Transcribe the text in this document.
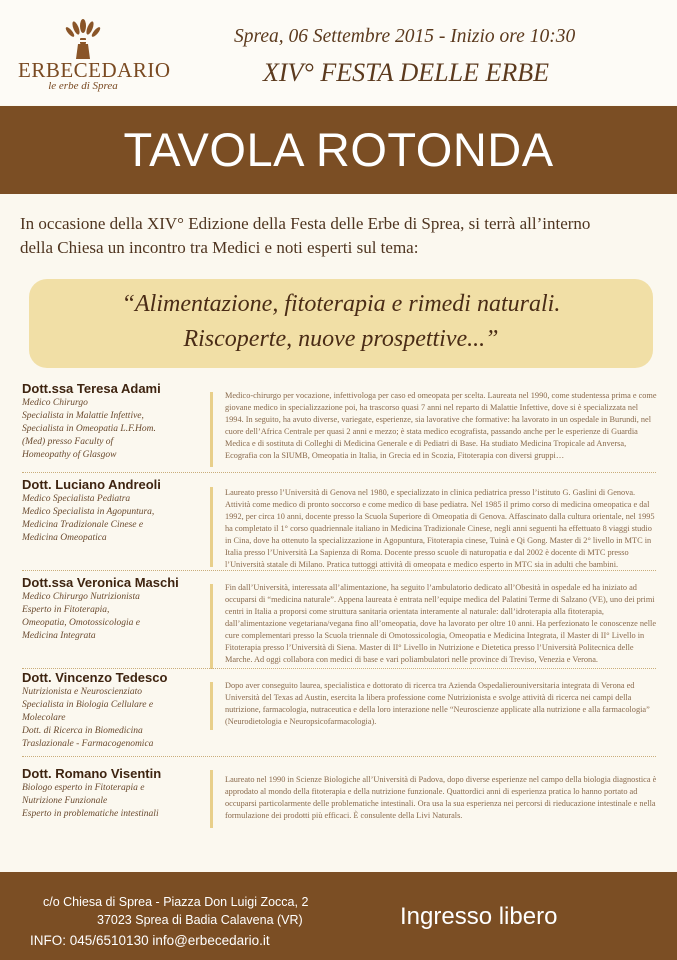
ERBECEDARIO
le erbe di Sprea
Sprea, 06 Settembre 2015 - Inizio ore 10:30
XIV° FESTA DELLE ERBE
TAVOLA ROTONDA
In occasione della XIV° Edizione della Festa delle Erbe di Sprea, si terrà all’interno
della Chiesa un incontro tra Medici e noti esperti sul tema:
“Alimentazione, fitoterapia e rimedi naturali.
Riscoperte, nuove prospettive...”
Dott.ssa Teresa Adami
Medico Chirurgo
Specialista in Malattie Infettive,
Specialista in Omeopatia L.F.Hom.
(Med) presso Faculty of
Homeopathy of Glasgow
Medico-chirurgo per vocazione, infettivologa per caso ed omeopata per scelta. Laureata nel 1990, come studentessa prima e come giovane medico in specializzazione poi, ha trascorso quasi 7 anni nel reparto di Malattie Infettive, dove si è specializzata nel 1994. In seguito, ha avuto diverse, variegate, esperienze, sia lavorative che formative: ha lavorato in un ospedale in Burundi, nel cuore dell’Africa Centrale per quasi 2 anni e mezzo; è stata medico ecografista, passando anche per le esperienze di Guardia Medica e di sostituta di Colleghi di Medicina Generale e di Pediatri di Base. Ha studiato Medicina Tropicale ad Anversa, Ecografia con la SIUMB, Omeopatia in Italia, in Grecia ed in Scozia, Fitoterapia con diversi gruppi…
Dott. Luciano Andreoli
Medico Specialista Pediatra
Medico Specialista in Agopuntura,
Medicina Tradizionale Cinese e
Medicina Omeopatica
Laureato presso l’Università di Genova nel 1980, e specializzato in clinica pediatrica presso l’istituto G. Gaslini di Genova. Attività come medico di pronto soccorso e come medico di base pediatra. Nel 1985 il primo corso di medicina omeopatica e dal 1992, per circa 10 anni, docente presso la Scuola Superiore di Omeopatia di Genova. Affascinato dalla cultura orientale, nel 1995 ha completato il 1° corso quadriennale italiano in Medicina Tradizionale Cinese, negli anni seguenti ha effettuato 8 viaggi studio in Cina, dove ha ottenuto la specializzazione in Agopuntura, Fitoterapia cinese, Tuinà e Qi Gong. Master di 2° livello in MTC in Italia presso l’Università La Sapienza di Roma. Docente presso scuole di naturopatia e dal 2002 è docente di MTC presso l’Università statale di Milano. Pratica tuttoggi attività di omeopata e medico esperto in MTC sia in adulti che bambini.
Dott.ssa Veronica Maschi
Medico Chirurgo Nutrizionista
Esperto in Fitoterapia,
Omeopatia, Omotossicologia e
Medicina Integrata
Fin dall’Università, interessata all’alimentazione, ha seguito l’ambulatorio dedicato all’Obesità in ospedale ed ha iniziato ad occuparsi di “medicina naturale”. Appena laureata è entrata nell’equipe medica del Palatini Terme di Salzano (VE), uno dei primi centri in Italia a proporsi come struttura sanitaria orientata interamente al naturale: dall’idroterapia alla fitoterapia, dall’alimentazione vegetariana/vegana fino all’omeopatia, dove ha lavorato per oltre 10 anni. Ha perfezionato le conoscenze nelle cure complementari presso la Scuola triennale di Omotossicologia, Omeopatia e Medicina Integrata, il Master di II° Livello in Fitoterapia presso l’Università di Siena. Master di II° Livello in Nutrizione e Dietetica presso l’Università Politecnica delle Marche. Ad oggi collabora con medici di base e vari poliambulatori nelle province di Treviso, Venezia e Verona.
Dott. Vincenzo Tedesco
Nutrizionista e Neuroscienziato
Specialista in Biologia Cellulare e
Molecolare
Dott. di Ricerca in Biomedicina
Traslazionale - Farmacogenomica
Dopo aver conseguito laurea, specialistica e dottorato di ricerca tra Azienda Ospedalierouniversitaria integrata di Verona ed Università del Texas ad Austin, esercita la libera professione come Nutrizionista e svolge attività di ricerca nei campi della nutrizione, farmacologia, nutraceutica e della loro interazione nelle “Neuroscienze applicate alla nutrizione e alla farmacologia” (Neurodietologia e Neuropsicofarmacologia).
Dott. Romano Visentin
Biologo esperto in Fitoterapia e
Nutrizione Funzionale
Esperto in problematiche intestinali
Laureato nel 1990 in Scienze Biologiche all’Università di Padova, dopo diverse esperienze nel campo della biologia diagnostica è approdato al mondo della fitoterapia e della nutrizione funzionale. Quattordici anni di esperienza pratica lo hanno portato ad occuparsi particolarmente delle problematiche intestinali. Ora usa la sua esperienza nei percorsi di rieducazione intestinale e nella formulazione dei prodotti più efficaci. È consulente della Livi Naturals.
c/o Chiesa di Sprea - Piazza Don Luigi Zocca, 2
37023 Sprea di Badia Calavena (VR)
INFO: 045/6510130 info@erbecedario.it
Ingresso libero
